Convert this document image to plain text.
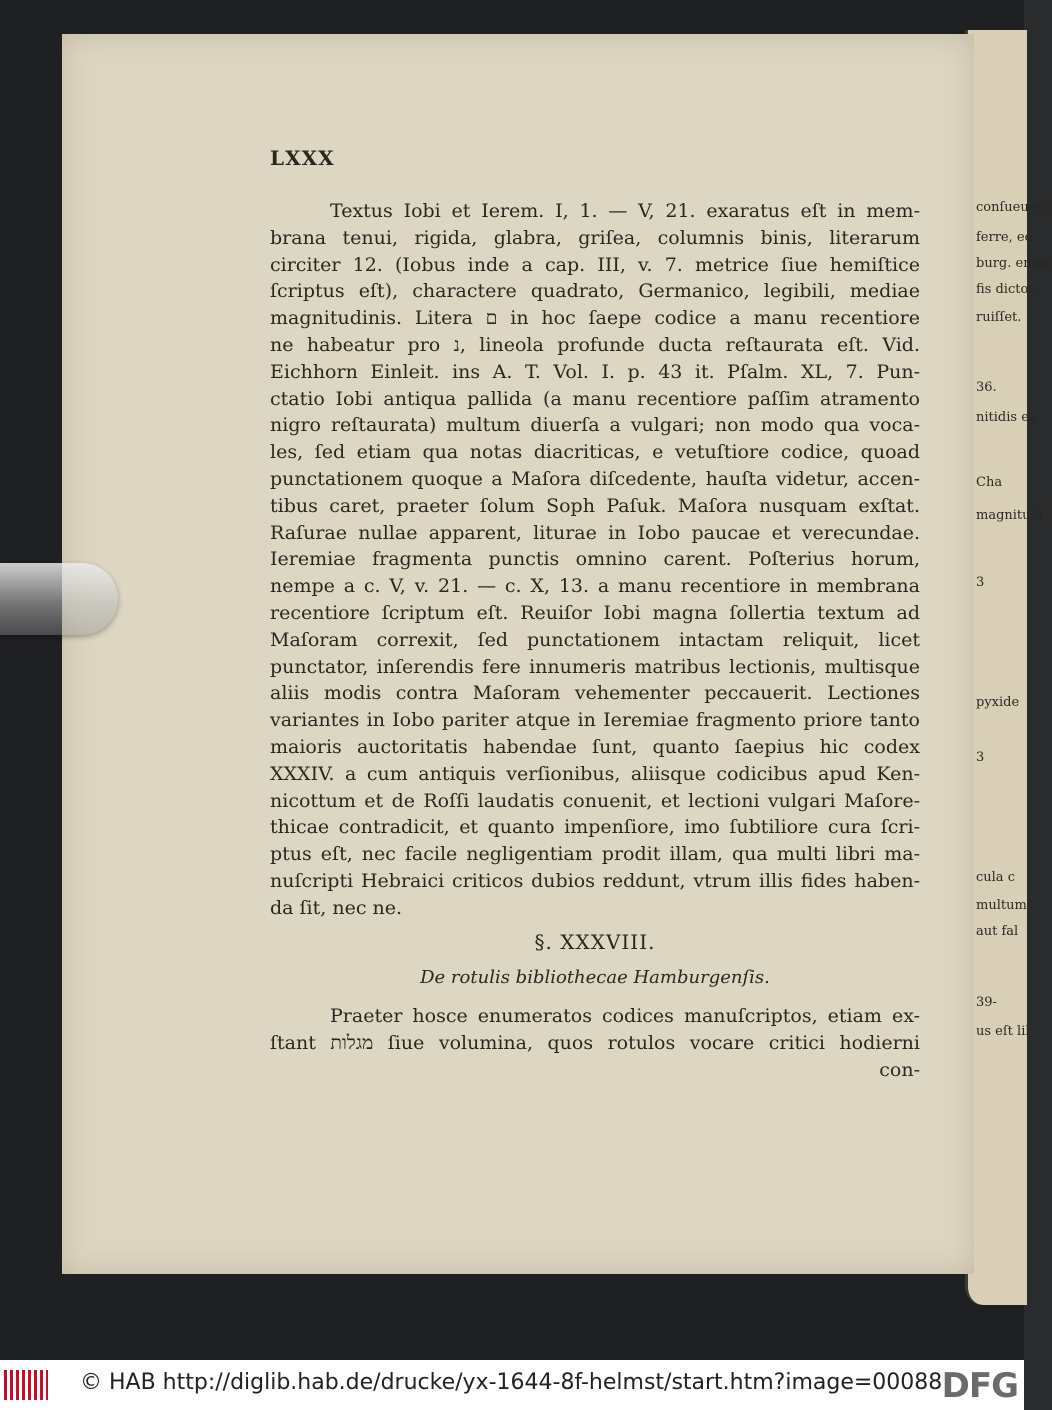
conſueueru
ferre, eo
burg. enum
fis dictos
ruiſſet.
36.
nitidis ex
Cha
magnitudi
3
pyxide
3
cula c
multum
aut fal
39-
us eſt lib
LXXX
Textus Iobi et Ierem. I, 1. — V, 21. exaratus eſt in mem-
brana tenui, rigida, glabra, griſea, columnis binis, literarum
circiter 12. (Iobus inde a cap. III, v. 7. metrice ſiue hemiſtice
ſcriptus eſt), charactere quadrato, Germanico, legibili, mediae
magnitudinis. Litera ם in hoc ſaepe codice a manu recentiore
ne habeatur pro נ, lineola profunde ducta reſtaurata eſt. Vid.
Eichhorn Einleit. ins A. T. Vol. I. p. 43 it. Pſalm. XL, 7. Pun-
ctatio Iobi antiqua pallida (a manu recentiore paſſim atramento
nigro reſtaurata) multum diuerſa a vulgari; non modo qua voca-
les, ſed etiam qua notas diacriticas, e vetuſtiore codice, quoad
punctationem quoque a Maſora diſcedente, hauſta videtur, accen-
tibus caret, praeter ſolum Soph Paſuk. Maſora nusquam exſtat.
Raſurae nullae apparent, liturae in Iobo paucae et verecundae.
Ieremiae fragmenta punctis omnino carent. Poſterius horum,
nempe a c. V, v. 21. — c. X, 13. a manu recentiore in membrana
recentiore ſcriptum eſt. Reuiſor Iobi magna ſollertia textum ad
Maſoram correxit, ſed punctationem intactam reliquit, licet
punctator, inſerendis fere innumeris matribus lectionis, multisque
aliis modis contra Maſoram vehementer peccauerit. Lectiones
variantes in Iobo pariter atque in Ieremiae fragmento priore tanto
maioris auctoritatis habendae ſunt, quanto ſaepius hic codex
XXXIV. a cum antiquis verſionibus, aliisque codicibus apud Ken-
nicottum et de Roſſi laudatis conuenit, et lectioni vulgari Maſore-
thicae contradicit, et quanto impenſiore, imo ſubtiliore cura ſcri-
ptus eſt, nec facile negligentiam prodit illam, qua multi libri ma-
nuſcripti Hebraici criticos dubios reddunt, vtrum illis fides haben-
da ſit, nec ne.
§. XXXVIII.
De rotulis bibliothecae Hamburgenſis.
Praeter hosce enumeratos codices manuſcriptos, etiam ex-
ſtant מגלות ſiue volumina, quos rotulos vocare critici hodierni
con-
© HAB http://diglib.hab.de/drucke/yx-1644-8f-helmst/start.htm?image=00088 DFG
